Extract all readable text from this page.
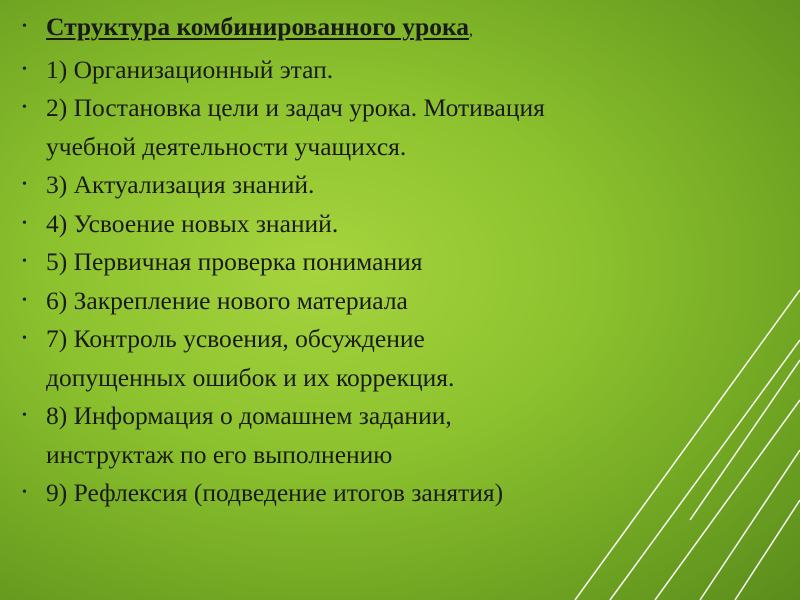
• Структура комбинированного урока,
• 1) Организационный этап.
• 2) Постановка цели и задач урока. Мотивация
учебной деятельности учащихся.
• 3) Актуализация знаний.
• 4) Усвоение новых знаний.
• 5) Первичная проверка понимания
• 6) Закрепление нового материала
• 7) Контроль усвоения, обсуждение
допущенных ошибок и их коррекция.
• 8) Информация о домашнем задании,
инструктаж по его выполнению
• 9) Рефлексия (подведение итогов занятия)
